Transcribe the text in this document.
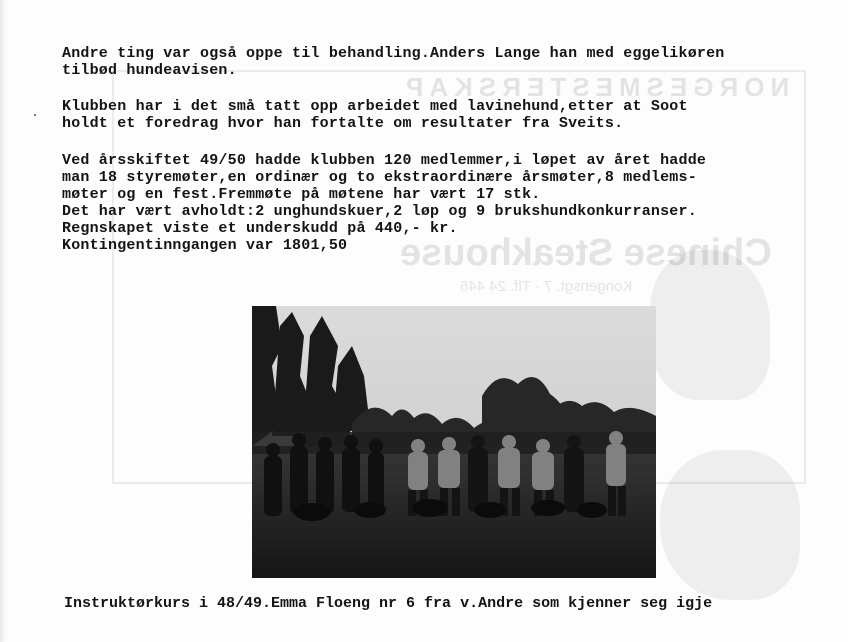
NORGESMESTERSKAP
Chinese Steakhouse
Kongensgt. 7 - Tlf. 24 446

Andre ting var også oppe til behandling.Anders Lange han med eggelikøren
tilbød hundeavisen.

Klubben har i det små tatt opp arbeidet med lavinehund,etter at Soot
holdt et foredrag hvor han fortalte om resultater fra Sveits.

Ved årsskiftet 49/50 hadde klubben 120 medlemmer,i løpet av året hadde
man 18 styremøter,en ordinær og to ekstraordinære årsmøter,8 medlems-
møter og en fest.Fremmøte på møtene har vært 17 stk.
Det har vært avholdt:2 unghundskuer,2 løp og 9 brukshundkonkurranser.
Regnskapet viste et underskudd på 440,- kr.
Kontingentinngangen var 1801,50

Instruktørkurs i 48/49.Emma Floeng nr 6 fra v.Andre som kjenner seg igje
